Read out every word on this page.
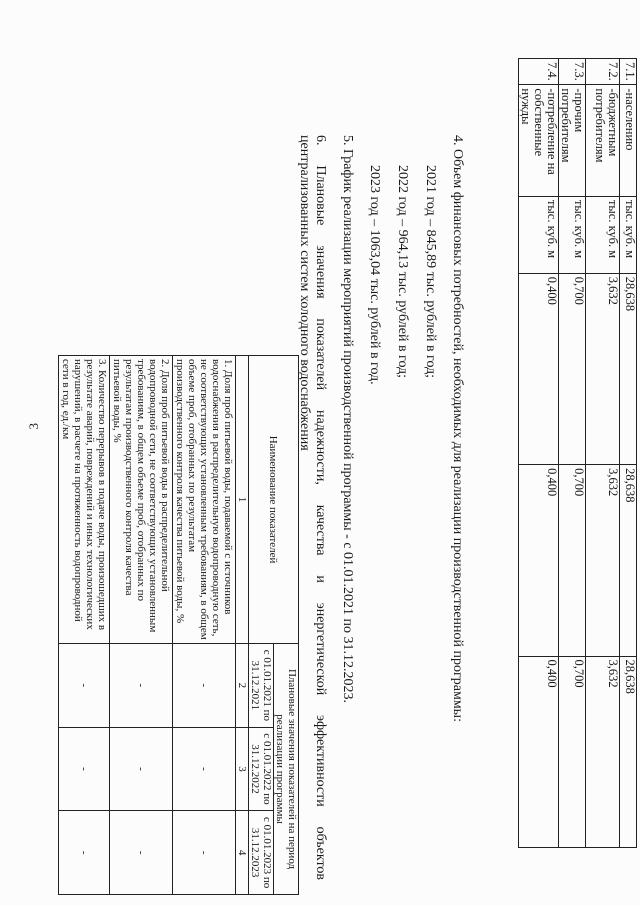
3
7.1.	-населению	тыс. куб. м	28,638	28,638	28,638
7.2.	-бюджетным потребителям	тыс. куб. м	3,632	3,632	3,632
7.3.	-прочим потребителям	тыс. куб. м	0,700	0,700	0,700
7.4.	-потребление на собственные нужды	тыс. куб. м	0,400	0,400	0,400
4. Объем финансовых потребностей, необходимых для реализации производственной программы:
2021 год – 845,89 тыс. рублей в год;
2022 год – 964,13 тыс. рублей в год;
2023 год – 1063,04 тыс. рублей в год.
5. График реализации мероприятий производственной программы - с 01.01.2021 по 31.12.2023.
6. Плановые значения показателей надежности, качества и энергетической эффективности объектов
централизованных систем холодного водоснабжения
Наименование показателей	Плановые значения показателей на период реализации программы		
	с 01.01.2021 по 31.12.2021	с 01.01.2022 по 31.12.2022	с 01.01.2023 по 31.12.2023
1	2	3	4
1. Доля проб питьевой воды, подаваемой с источников водоснабжения в распределительную водопроводную сеть, не соответствующих установленным требованиям, в общем объеме проб, отобранных по результатам производственного контроля качества питьевой воды, %	-	-	-
2. Доля проб питьевой воды в распределительной водопроводной сети, не соответствующих установленным требованиям, в общем объеме проб, отобранных по результатам производственного контроля качества питьевой воды, %	-	-	-
3. Количество перерывов в подаче воды, произошедших в результате аварий, повреждений и иных технологических нарушений, в расчете на протяженность водопроводной сети в год, ед./км	-	-	-
